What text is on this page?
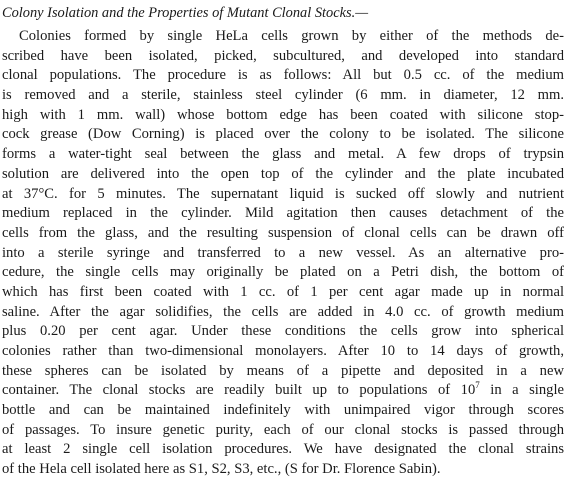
Colony Isolation and the Properties of Mutant Clonal Stocks.—
Colonies formed by single HeLa cells grown by either of the methods de-
scribed have been isolated, picked, subcultured, and developed into standard
clonal populations. The procedure is as follows: All but 0.5 cc. of the medium
is removed and a sterile, stainless steel cylinder (6 mm. in diameter, 12 mm.
high with 1 mm. wall) whose bottom edge has been coated with silicone stop-
cock grease (Dow Corning) is placed over the colony to be isolated. The silicone
forms a water-tight seal between the glass and metal. A few drops of trypsin
solution are delivered into the open top of the cylinder and the plate incubated
at 37°C. for 5 minutes. The supernatant liquid is sucked off slowly and nutrient
medium replaced in the cylinder. Mild agitation then causes detachment of the
cells from the glass, and the resulting suspension of clonal cells can be drawn off
into a sterile syringe and transferred to a new vessel. As an alternative pro-
cedure, the single cells may originally be plated on a Petri dish, the bottom of
which has first been coated with 1 cc. of 1 per cent agar made up in normal
saline. After the agar solidifies, the cells are added in 4.0 cc. of growth medium
plus 0.20 per cent agar. Under these conditions the cells grow into spherical
colonies rather than two-dimensional monolayers. After 10 to 14 days of growth,
these spheres can be isolated by means of a pipette and deposited in a new
container. The clonal stocks are readily built up to populations of $10^7$ in a single
bottle and can be maintained indefinitely with unimpaired vigor through scores
of passages. To insure genetic purity, each of our clonal stocks is passed through
at least 2 single cell isolation procedures. We have designated the clonal strains
of the Hela cell isolated here as S1, S2, S3, etc., (S for Dr. Florence Sabin).
